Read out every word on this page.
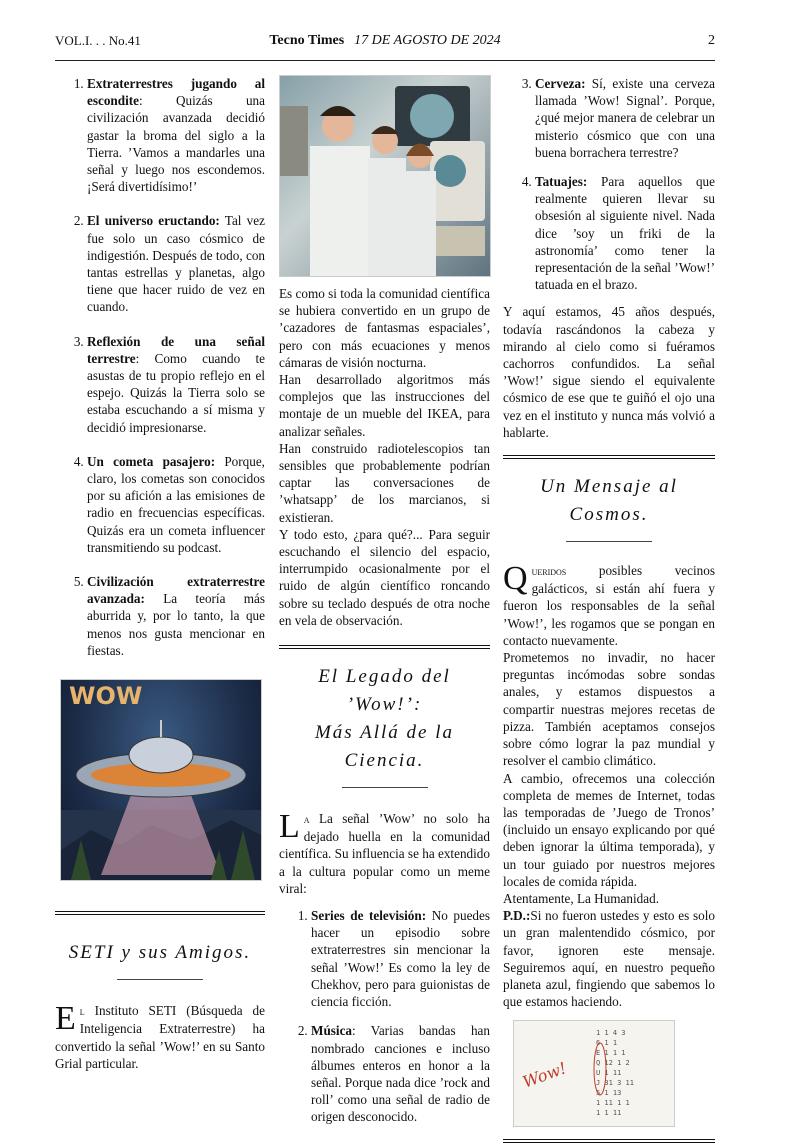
VOL.I. . . No.41	Tecno Times 17 DE AGOSTO DE 2024	2
1. Extraterrestres jugando al escondite: Quizás una civilización avanzada decidió gastar la broma del siglo a la Tierra. ’Vamos a mandarles una señal y luego nos escondemos. ¡Será divertidísimo!’
2. El universo eructando: Tal vez fue solo un caso cósmico de indigestión. Después de todo, con tantas estrellas y planetas, algo tiene que hacer ruido de vez en cuando.
3. Reflexión de una señal terrestre: Como cuando te asustas de tu propio reflejo en el espejo. Quizás la Tierra solo se estaba escuchando a sí misma y decidió impresionarse.
4. Un cometa pasajero: Porque, claro, los cometas son conocidos por su afición a las emisiones de radio en frecuencias específicas. Quizás era un cometa influencer transmitiendo su podcast.
5. Civilización extraterrestre avanzada: La teoría más aburrida y, por lo tanto, la que menos nos gusta mencionar en fiestas.
WOW
SETI y sus Amigos.

El Instituto SETI (Búsqueda de Inteligencia Extraterrestre) ha convertido la señal ’Wow!’ en su Santo Grial particular.

Es como si toda la comunidad científica se hubiera convertido en un grupo de ’cazadores de fantasmas espaciales’, pero con más ecuaciones y menos cámaras de visión nocturna.

Han desarrollado algoritmos más complejos que las instrucciones del montaje de un mueble del IKEA, para analizar señales.

Han construido radiotelescopios tan sensibles que probablemente podrían captar las conversaciones de ’whatsapp’ de los marcianos, si existieran.

Y todo esto, ¿para qué?... Para seguir escuchando el silencio del espacio, interrumpido ocasionalmente por el ruido de algún científico roncando sobre su teclado después de otra noche en vela de observación.

El Legado del ’Wow!’:
Más Allá de la Ciencia.

La La señal ’Wow’ no solo ha dejado huella en la comunidad científica. Su influencia se ha extendido a la cultura popular como un meme viral:

1. Series de televisión: No puedes hacer un episodio sobre extraterrestres sin mencionar la señal ’Wow!’ Es como la ley de Chekhov, pero para guionistas de ciencia ficción.
2. Música: Varias bandas han nombrado canciones e incluso álbumes enteros en honor a la señal. Porque nada dice ’rock and roll’ como una señal de radio de origen desconocido.
3. Cerveza: Sí, existe una cerveza llamada ’Wow! Signal’. Porque, ¿qué mejor manera de celebrar un misterio cósmico que con una buena borrachera terrestre?
4. Tatuajes: Para aquellos que realmente quieren llevar su obsesión al siguiente nivel. Nada dice ’soy un friki de la astronomía’ como tener la representación de la señal ’Wow!’ tatuada en el brazo.

Y aquí estamos, 45 años después, todavía rascándonos la cabeza y mirando al cielo como si fuéramos cachorros confundidos. La señal ’Wow!’ sigue siendo el equivalente cósmico de ese que te guiñó el ojo una vez en el instituto y nunca más volvió a hablarte.

Un Mensaje al Cosmos.

Queridos posibles vecinos galácticos, si están ahí fuera y fueron los responsables de la señal ’Wow!’, les rogamos que se pongan en contacto nuevamente.

Prometemos no invadir, no hacer preguntas incómodas sobre sondas anales, y estamos dispuestos a compartir nuestras mejores recetas de pizza. También aceptamos consejos sobre cómo lograr la paz mundial y resolver el cambio climático.

A cambio, ofrecemos una colección completa de memes de Internet, todas las temporadas de ’Juego de Tronos’ (incluido un ensayo explicando por qué deben ignorar la última temporada), y un tour guiado por nuestros mejores locales de comida rápida.

Atentamente, La Humanidad.

P.D.:Si no fueron ustedes y esto es solo un gran malentendido cósmico, por favor, ignoren este mensaje. Seguiremos aquí, en nuestro pequeño planeta azul, fingiendo que sabemos lo que estamos haciendo.

1 1 4 3
6 1 1
E 1 1 1
Q 12 1 2
U 1 11
J 31 3 11
5 1 13
1 11 1 1
1 1 11
Wow!
